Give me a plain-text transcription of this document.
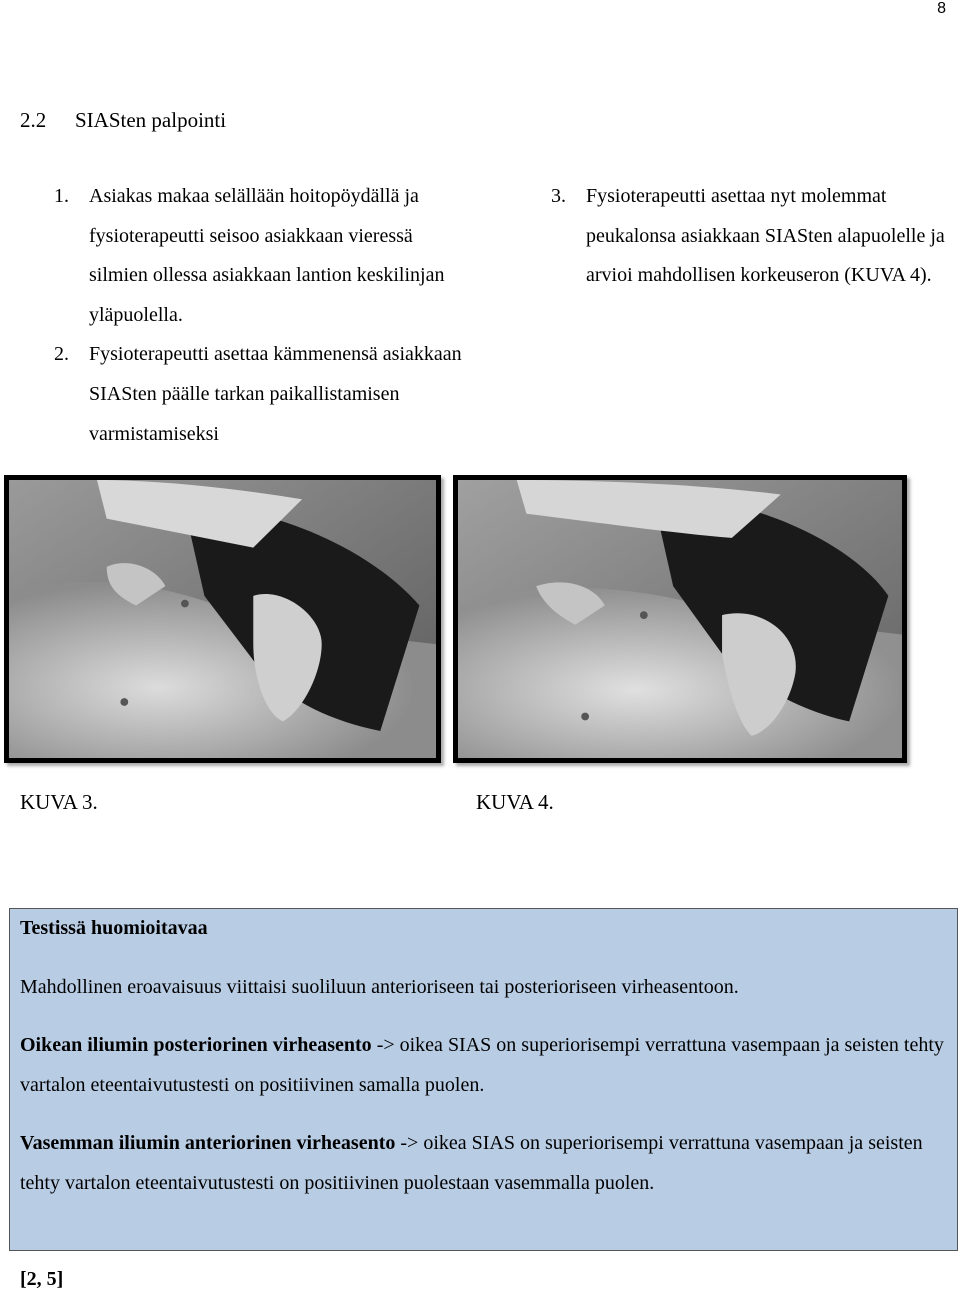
8
2.2 SIASten palpointi
1. Asiakas makaa selällään hoitopöydällä ja fysioterapeutti seisoo asiakkaan vieressä silmien ollessa asiakkaan lantion keskilinjan yläpuolella.
2. Fysioterapeutti asettaa kämmenensä asiakkaan SIASten päälle tarkan paikallistamisen varmistamiseksi
3. Fysioterapeutti asettaa nyt molemmat peukalonsa asiakkaan SIASten alapuolelle ja arvioi mahdollisen korkeuseron (KUVA 4).
KUVA 3.	KUVA 4.

Testissä huomioitavaa

Mahdollinen eroavaisuus viittaisi suoliluun anterioriseen tai posterioriseen virheasentoon.

Oikean iliumin posteriorinen virheasento -> oikea SIAS on superiorisempi verrattuna vasempaan ja seisten tehty vartalon eteentaivutustesti on positiivinen samalla puolen.

Vasemman iliumin anteriorinen virheasento -> oikea SIAS on superiorisempi verrattuna vasempaan ja seisten tehty vartalon eteentaivutustesti on positiivinen puolestaan vasemmalla puolen.

[2, 5]
